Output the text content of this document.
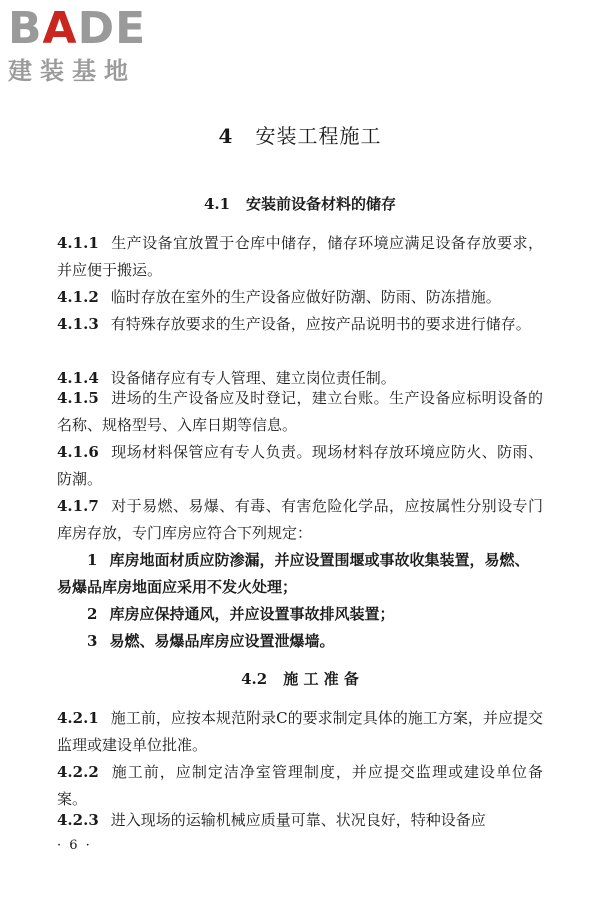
BADE
建装基地
4 安装工程施工
4.1 安装前设备材料的储存
4.1.1 生产设备宜放置于仓库中储存，储存环境应满足设备存放要求，并应便于搬运。
4.1.2 临时存放在室外的生产设备应做好防潮、防雨、防冻措施。
4.1.3 有特殊存放要求的生产设备，应按产品说明书的要求进行储存。
4.1.4 设备储存应有专人管理、建立岗位责任制。
4.1.5 进场的生产设备应及时登记，建立台账。生产设备应标明设备的名称、规格型号、入库日期等信息。
4.1.6 现场材料保管应有专人负责。现场材料存放环境应防火、防雨、防潮。
4.1.7 对于易燃、易爆、有毒、有害危险化学品，应按属性分别设专门库房存放，专门库房应符合下列规定：
1 库房地面材质应防渗漏，并应设置围堰或事故收集装置，易燃、易爆品库房地面应采用不发火处理；
2 库房应保持通风，并应设置事故排风装置；
3 易燃、易爆品库房应设置泄爆墙。
4.2 施 工 准 备
4.2.1 施工前，应按本规范附录C的要求制定具体的施工方案，并应提交监理或建设单位批准。
4.2.2 施工前，应制定洁净室管理制度，并应提交监理或建设单位备案。
4.2.3 进入现场的运输机械应质量可靠、状况良好，特种设备应
· 6 ·
